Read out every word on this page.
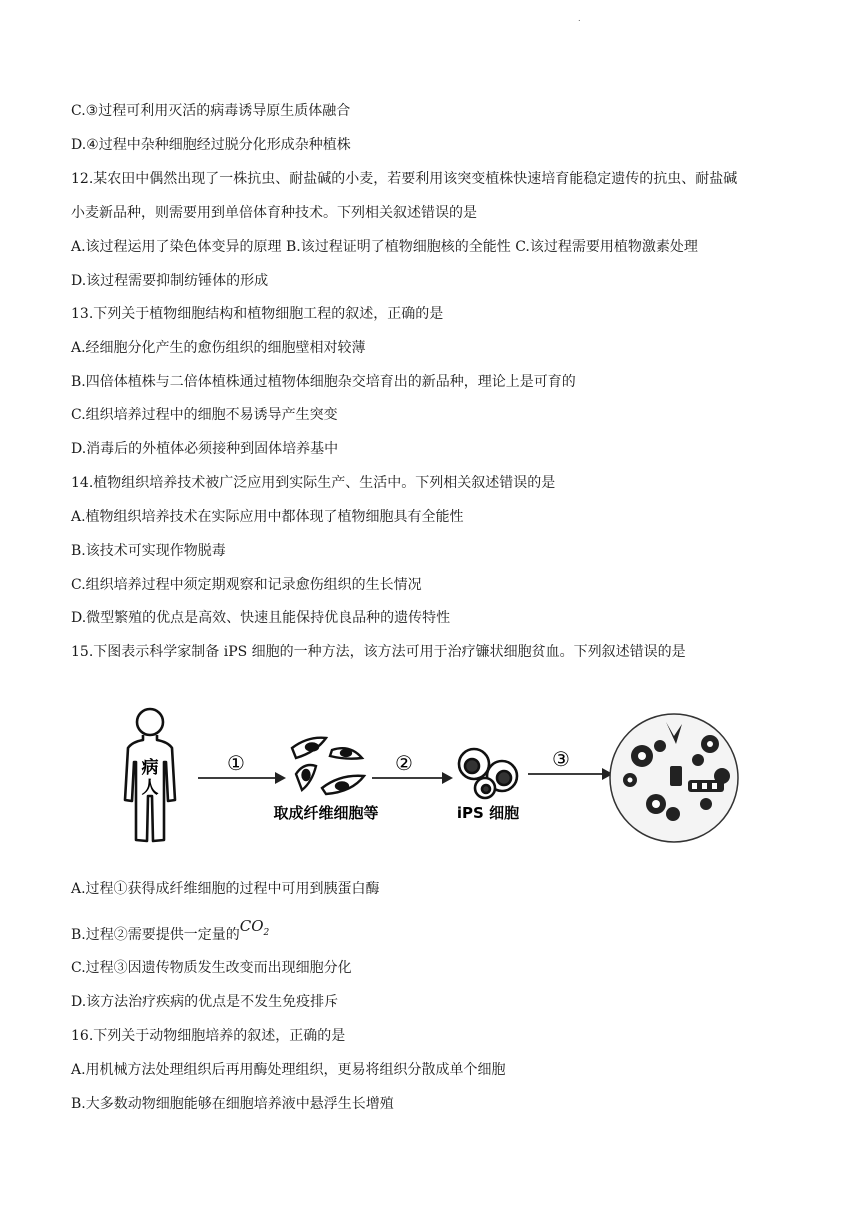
.
C.③过程可利用灭活的病毒诱导原生质体融合
D.④过程中杂种细胞经过脱分化形成杂种植株
12.某农田中偶然出现了一株抗虫、耐盐碱的小麦，若要利用该突变植株快速培育能稳定遗传的抗虫、耐盐碱
小麦新品种，则需要用到单倍体育种技术。下列相关叙述错误的是
A.该过程运用了染色体变异的原理 B.该过程证明了植物细胞核的全能性 C.该过程需要用植物激素处理
D.该过程需要抑制纺锤体的形成
13.下列关于植物细胞结构和植物细胞工程的叙述，正确的是
A.经细胞分化产生的愈伤组织的细胞壁相对较薄
B.四倍体植株与二倍体植株通过植物体细胞杂交培育出的新品种，理论上是可育的
C.组织培养过程中的细胞不易诱导产生突变
D.消毒后的外植体必须接种到固体培养基中
14.植物组织培养技术被广泛应用到实际生产、生活中。下列相关叙述错误的是
A.植物组织培养技术在实际应用中都体现了植物细胞具有全能性
B.该技术可实现作物脱毒
C.组织培养过程中须定期观察和记录愈伤组织的生长情况
D.微型繁殖的优点是高效、快速且能保持优良品种的遗传特性
15.下图表示科学家制备 iPS 细胞的一种方法，该方法可用于治疗镰状细胞贫血。下列叙述错误的是
病
人
①
取成纤维细胞等
②
iPS 细胞
③
A.过程①获得成纤维细胞的过程中可用到胰蛋白酶
B.过程②需要提供一定量的$CO_2$
C.过程③因遗传物质发生改变而出现细胞分化
D.该方法治疗疾病的优点是不发生免疫排斥
16.下列关于动物细胞培养的叙述，正确的是
A.用机械方法处理组织后再用酶处理组织，更易将组织分散成单个细胞
B.大多数动物细胞能够在细胞培养液中悬浮生长增殖
